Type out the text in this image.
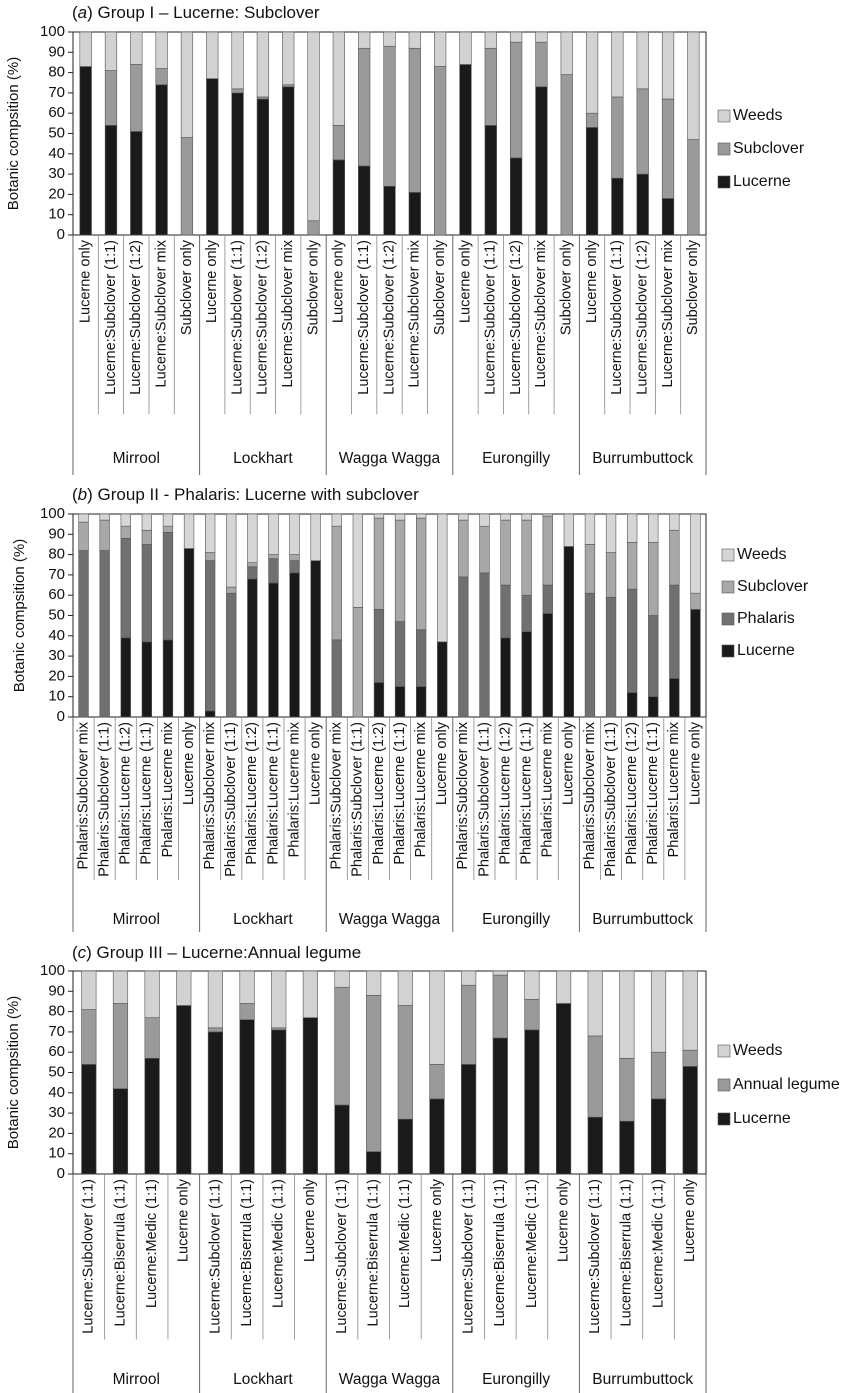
(a) Group I – Lucerne: Subclover
Botanic compsition (%)
0
10
20
30
40
50
60
70
80
90
100
Lucerne only Lucerne:Subclover (1:1) Lucerne:Subclover (1:2) Lucerne:Subclover mix Subclover only
Mirrool
Lucerne only Lucerne:Subclover (1:1) Lucerne:Subclover (1:2) Lucerne:Subclover mix Subclover only
Lockhart
Lucerne only Lucerne:Subclover (1:1) Lucerne:Subclover (1:2) Lucerne:Subclover mix Subclover only
Wagga Wagga
Lucerne only Lucerne:Subclover (1:1) Lucerne:Subclover (1:2) Lucerne:Subclover mix Subclover only
Eurongilly
Lucerne only Lucerne:Subclover (1:1) Lucerne:Subclover (1:2) Lucerne:Subclover mix Subclover only
Burrumbuttock
Weeds
Subclover
Lucerne
(b) Group II - Phalaris: Lucerne with subclover
Botanic compsition (%)
0
10
20
30
40
50
60
70
80
90
100
Phalaris:Subclover mix Phalaris:Subclover (1:1) Phalaris:Lucerne (1:2) Phalaris:Lucerne (1:1) Phalaris:Lucerne mix Lucerne only
Mirrool
Phalaris:Subclover mix Phalaris:Subclover (1:1) Phalaris:Lucerne (1:2) Phalaris:Lucerne (1:1) Phalaris:Lucerne mix Lucerne only
Lockhart
Phalaris:Subclover mix Phalaris:Subclover (1:1) Phalaris:Lucerne (1:2) Phalaris:Lucerne (1:1) Phalaris:Lucerne mix Lucerne only
Wagga Wagga
Phalaris:Subclover mix Phalaris:Subclover (1:1) Phalaris:Lucerne (1:2) Phalaris:Lucerne (1:1) Phalaris:Lucerne mix Lucerne only
Eurongilly
Phalaris:Subclover mix Phalaris:Subclover (1:1) Phalaris:Lucerne (1:2) Phalaris:Lucerne (1:1) Phalaris:Lucerne mix Lucerne only
Burrumbuttock
Weeds
Subclover
Phalaris
Lucerne
(c) Group III – Lucerne:Annual legume
Botanic compsition (%)
0
10
20
30
40
50
60
70
80
90
100
Lucerne:Subclover (1:1) Lucerne:Biserrula (1:1) Lucerne:Medic (1:1) Lucerne only
Mirrool
Lucerne:Subclover (1:1) Lucerne:Biserrula (1:1) Lucerne:Medic (1:1) Lucerne only
Lockhart
Lucerne:Subclover (1:1) Lucerne:Biserrula (1:1) Lucerne:Medic (1:1) Lucerne only
Wagga Wagga
Lucerne:Subclover (1:1) Lucerne:Biserrula (1:1) Lucerne:Medic (1:1) Lucerne only
Eurongilly
Lucerne:Subclover (1:1) Lucerne:Biserrula (1:1) Lucerne:Medic (1:1) Lucerne only
Burrumbuttock
Weeds
Annual legume
Lucerne
